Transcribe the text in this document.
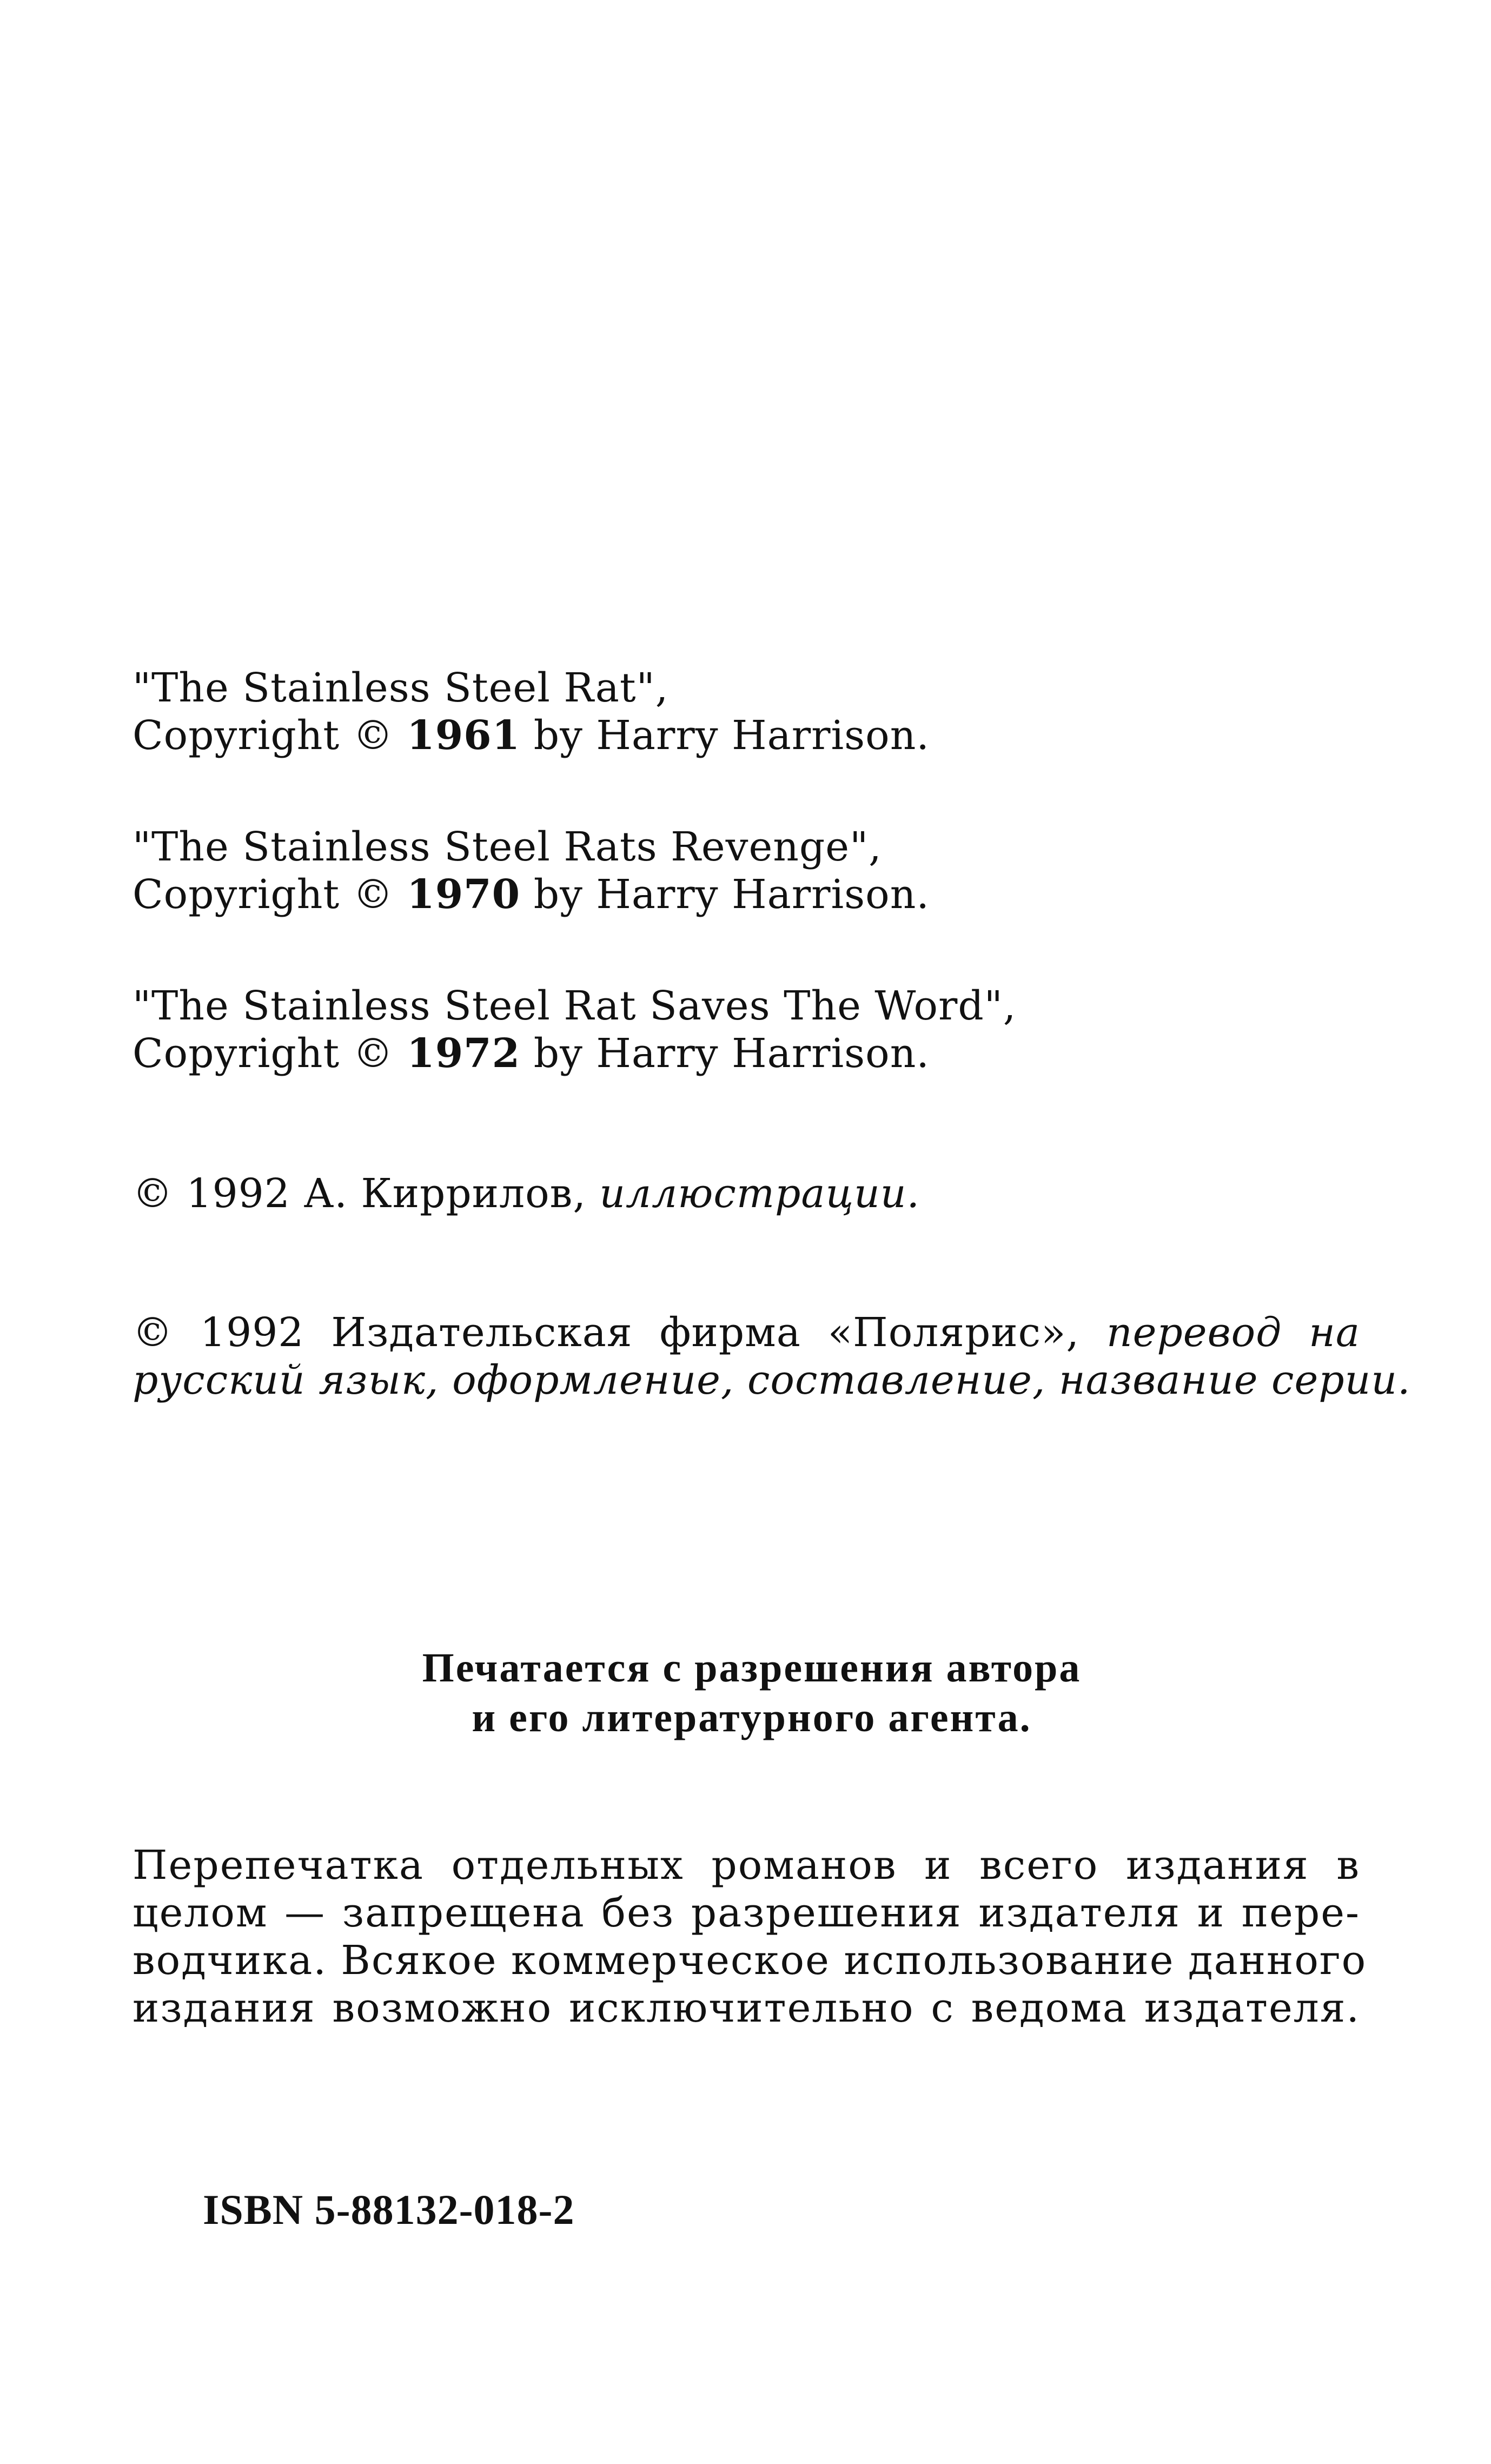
"The Stainless Steel Rat",
Copyright © 1961 by Harry Harrison.
"The Stainless Steel Rats Revenge",
Copyright © 1970 by Harry Harrison.
"The Stainless Steel Rat Saves The Word",
Copyright © 1972 by Harry Harrison.
© 1992 А. Киррилов, иллюстрации.
© 1992 Издательская фирма «Полярис», перевод на
русский язык, оформление, составление, название серии.
Печатается с разрешения автора
и его литературного агента.
Перепечатка отдельных романов и всего издания в
целом — запрещена без разрешения издателя и пере-
водчика. Всякое коммерческое использование данного
издания возможно исключительно с ведома издателя.
ISBN 5-88132-018-2
